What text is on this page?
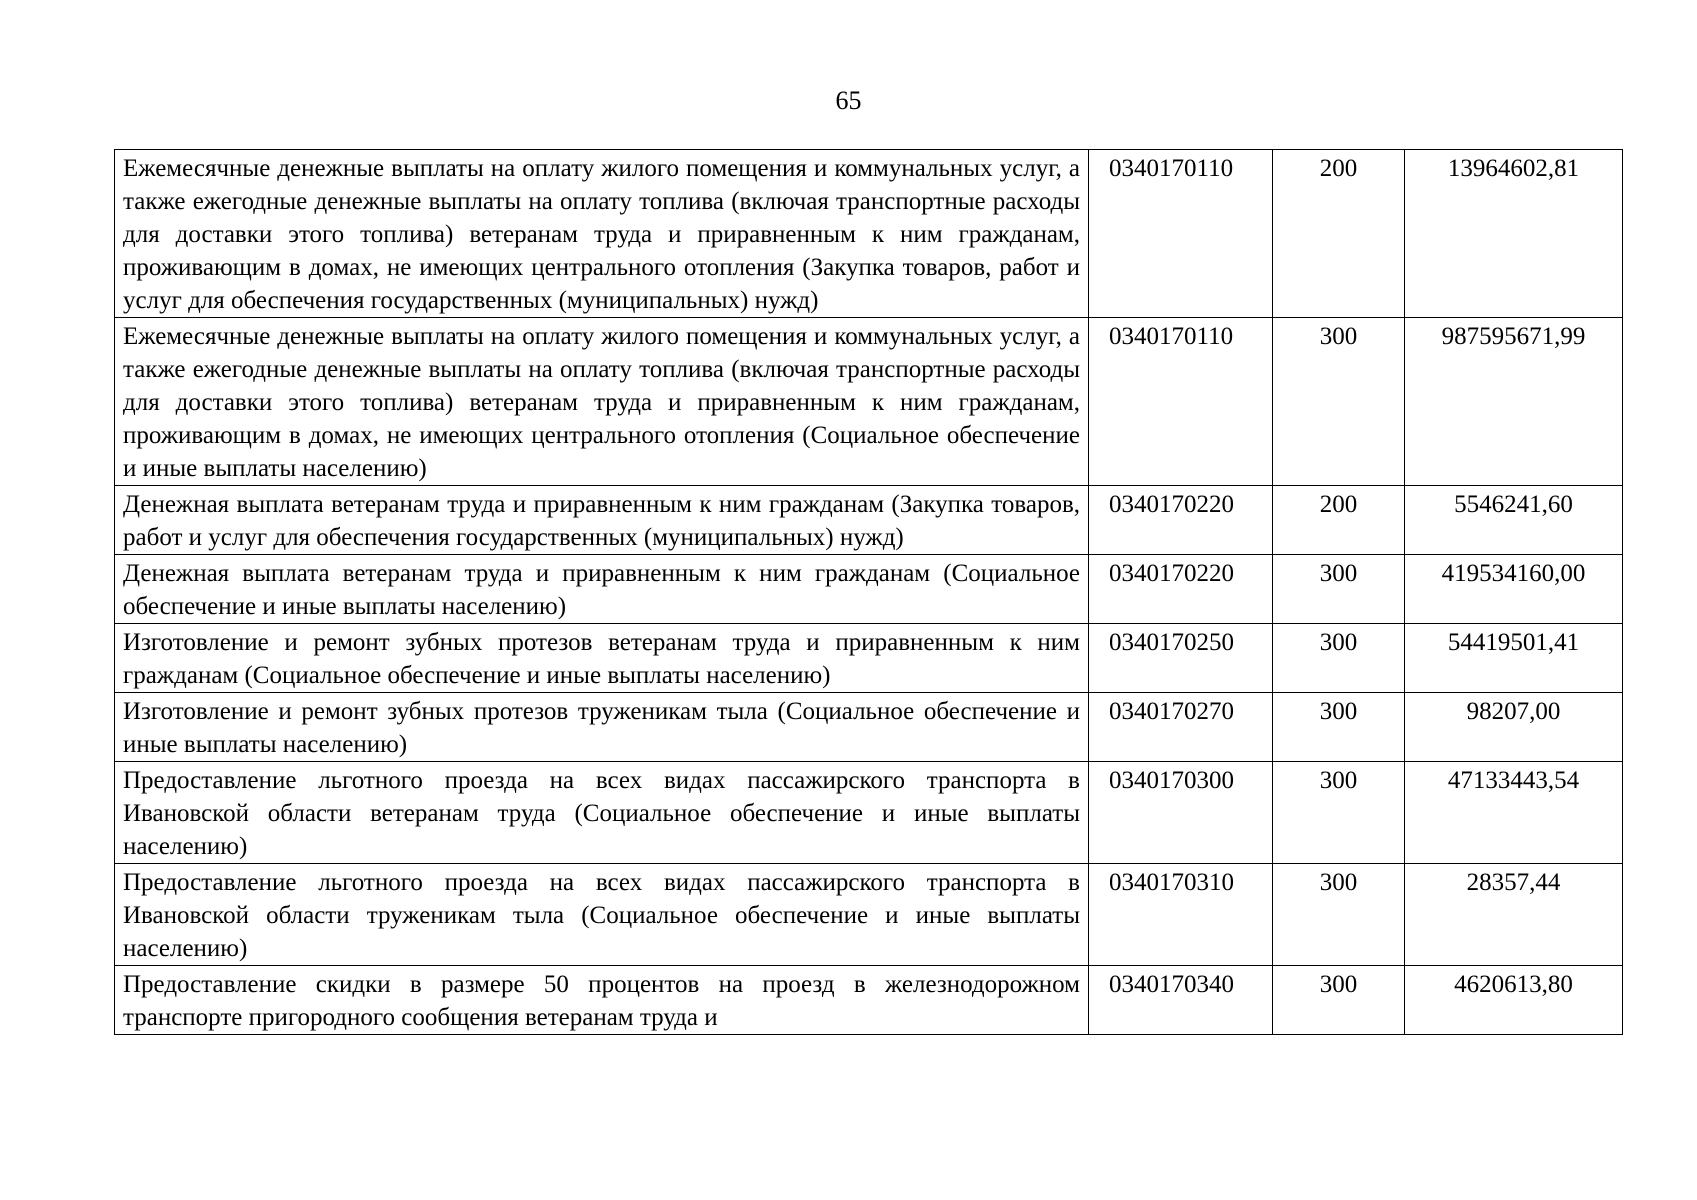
65
Ежемесячные денежные выплаты на оплату жилого помещения и коммунальных услуг, а также ежегодные денежные выплаты на оплату топлива (включая транспортные расходы для доставки этого топлива) ветеранам труда и приравненным к ним гражданам, проживающим в домах, не имеющих центрального отопления (Закупка товаров, работ и услуг для обеспечения государственных (муниципальных) нужд)	0340170110	200	13964602,81
Ежемесячные денежные выплаты на оплату жилого помещения и коммунальных услуг, а также ежегодные денежные выплаты на оплату топлива (включая транспортные расходы для доставки этого топлива) ветеранам труда и приравненным к ним гражданам, проживающим в домах, не имеющих центрального отопления (Социальное обеспечение и иные выплаты населению)	0340170110	300	987595671,99
Денежная выплата ветеранам труда и приравненным к ним гражданам (Закупка товаров, работ и услуг для обеспечения государственных (муниципальных) нужд)	0340170220	200	5546241,60
Денежная выплата ветеранам труда и приравненным к ним гражданам (Социальное обеспечение и иные выплаты населению)	0340170220	300	419534160,00
Изготовление и ремонт зубных протезов ветеранам труда и приравненным к ним гражданам (Социальное обеспечение и иные выплаты населению)	0340170250	300	54419501,41
Изготовление и ремонт зубных протезов труженикам тыла (Социальное обеспечение и иные выплаты населению)	0340170270	300	98207,00
Предоставление льготного проезда на всех видах пассажирского транспорта в Ивановской области ветеранам труда (Социальное обеспечение и иные выплаты населению)	0340170300	300	47133443,54
Предоставление льготного проезда на всех видах пассажирского транспорта в Ивановской области труженикам тыла (Социальное обеспечение и иные выплаты населению)	0340170310	300	28357,44

Предоставление скидки в размере 50 процентов на проезд в железнодорожном транспорте пригородного сообщения ветеранам труда и	0340170340	300	4620613,80
